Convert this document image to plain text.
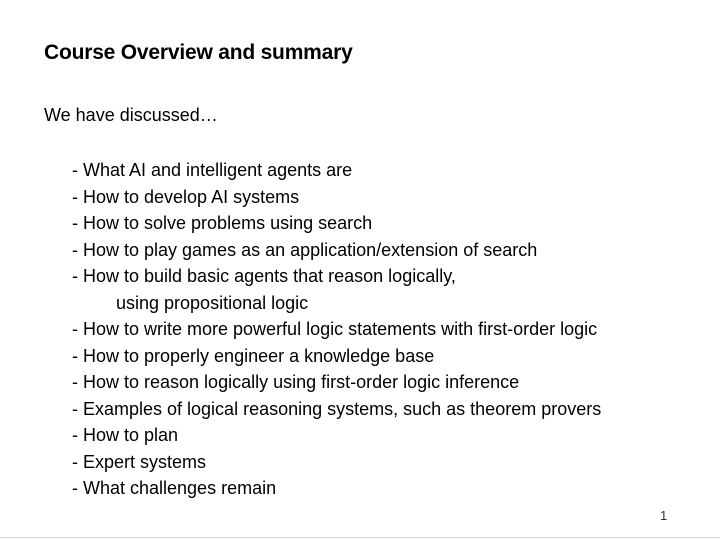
Course Overview and summary
We have discussed…
- What AI and intelligent agents are
- How to develop AI systems
- How to solve problems using search
- How to play games as an application/extension of search
- How to build basic agents that reason logically,
using propositional logic
- How to write more powerful logic statements with first-order logic
- How to properly engineer a knowledge base
- How to reason logically using first-order logic inference
- Examples of logical reasoning systems, such as theorem provers
- How to plan
- Expert systems
- What challenges remain
1
